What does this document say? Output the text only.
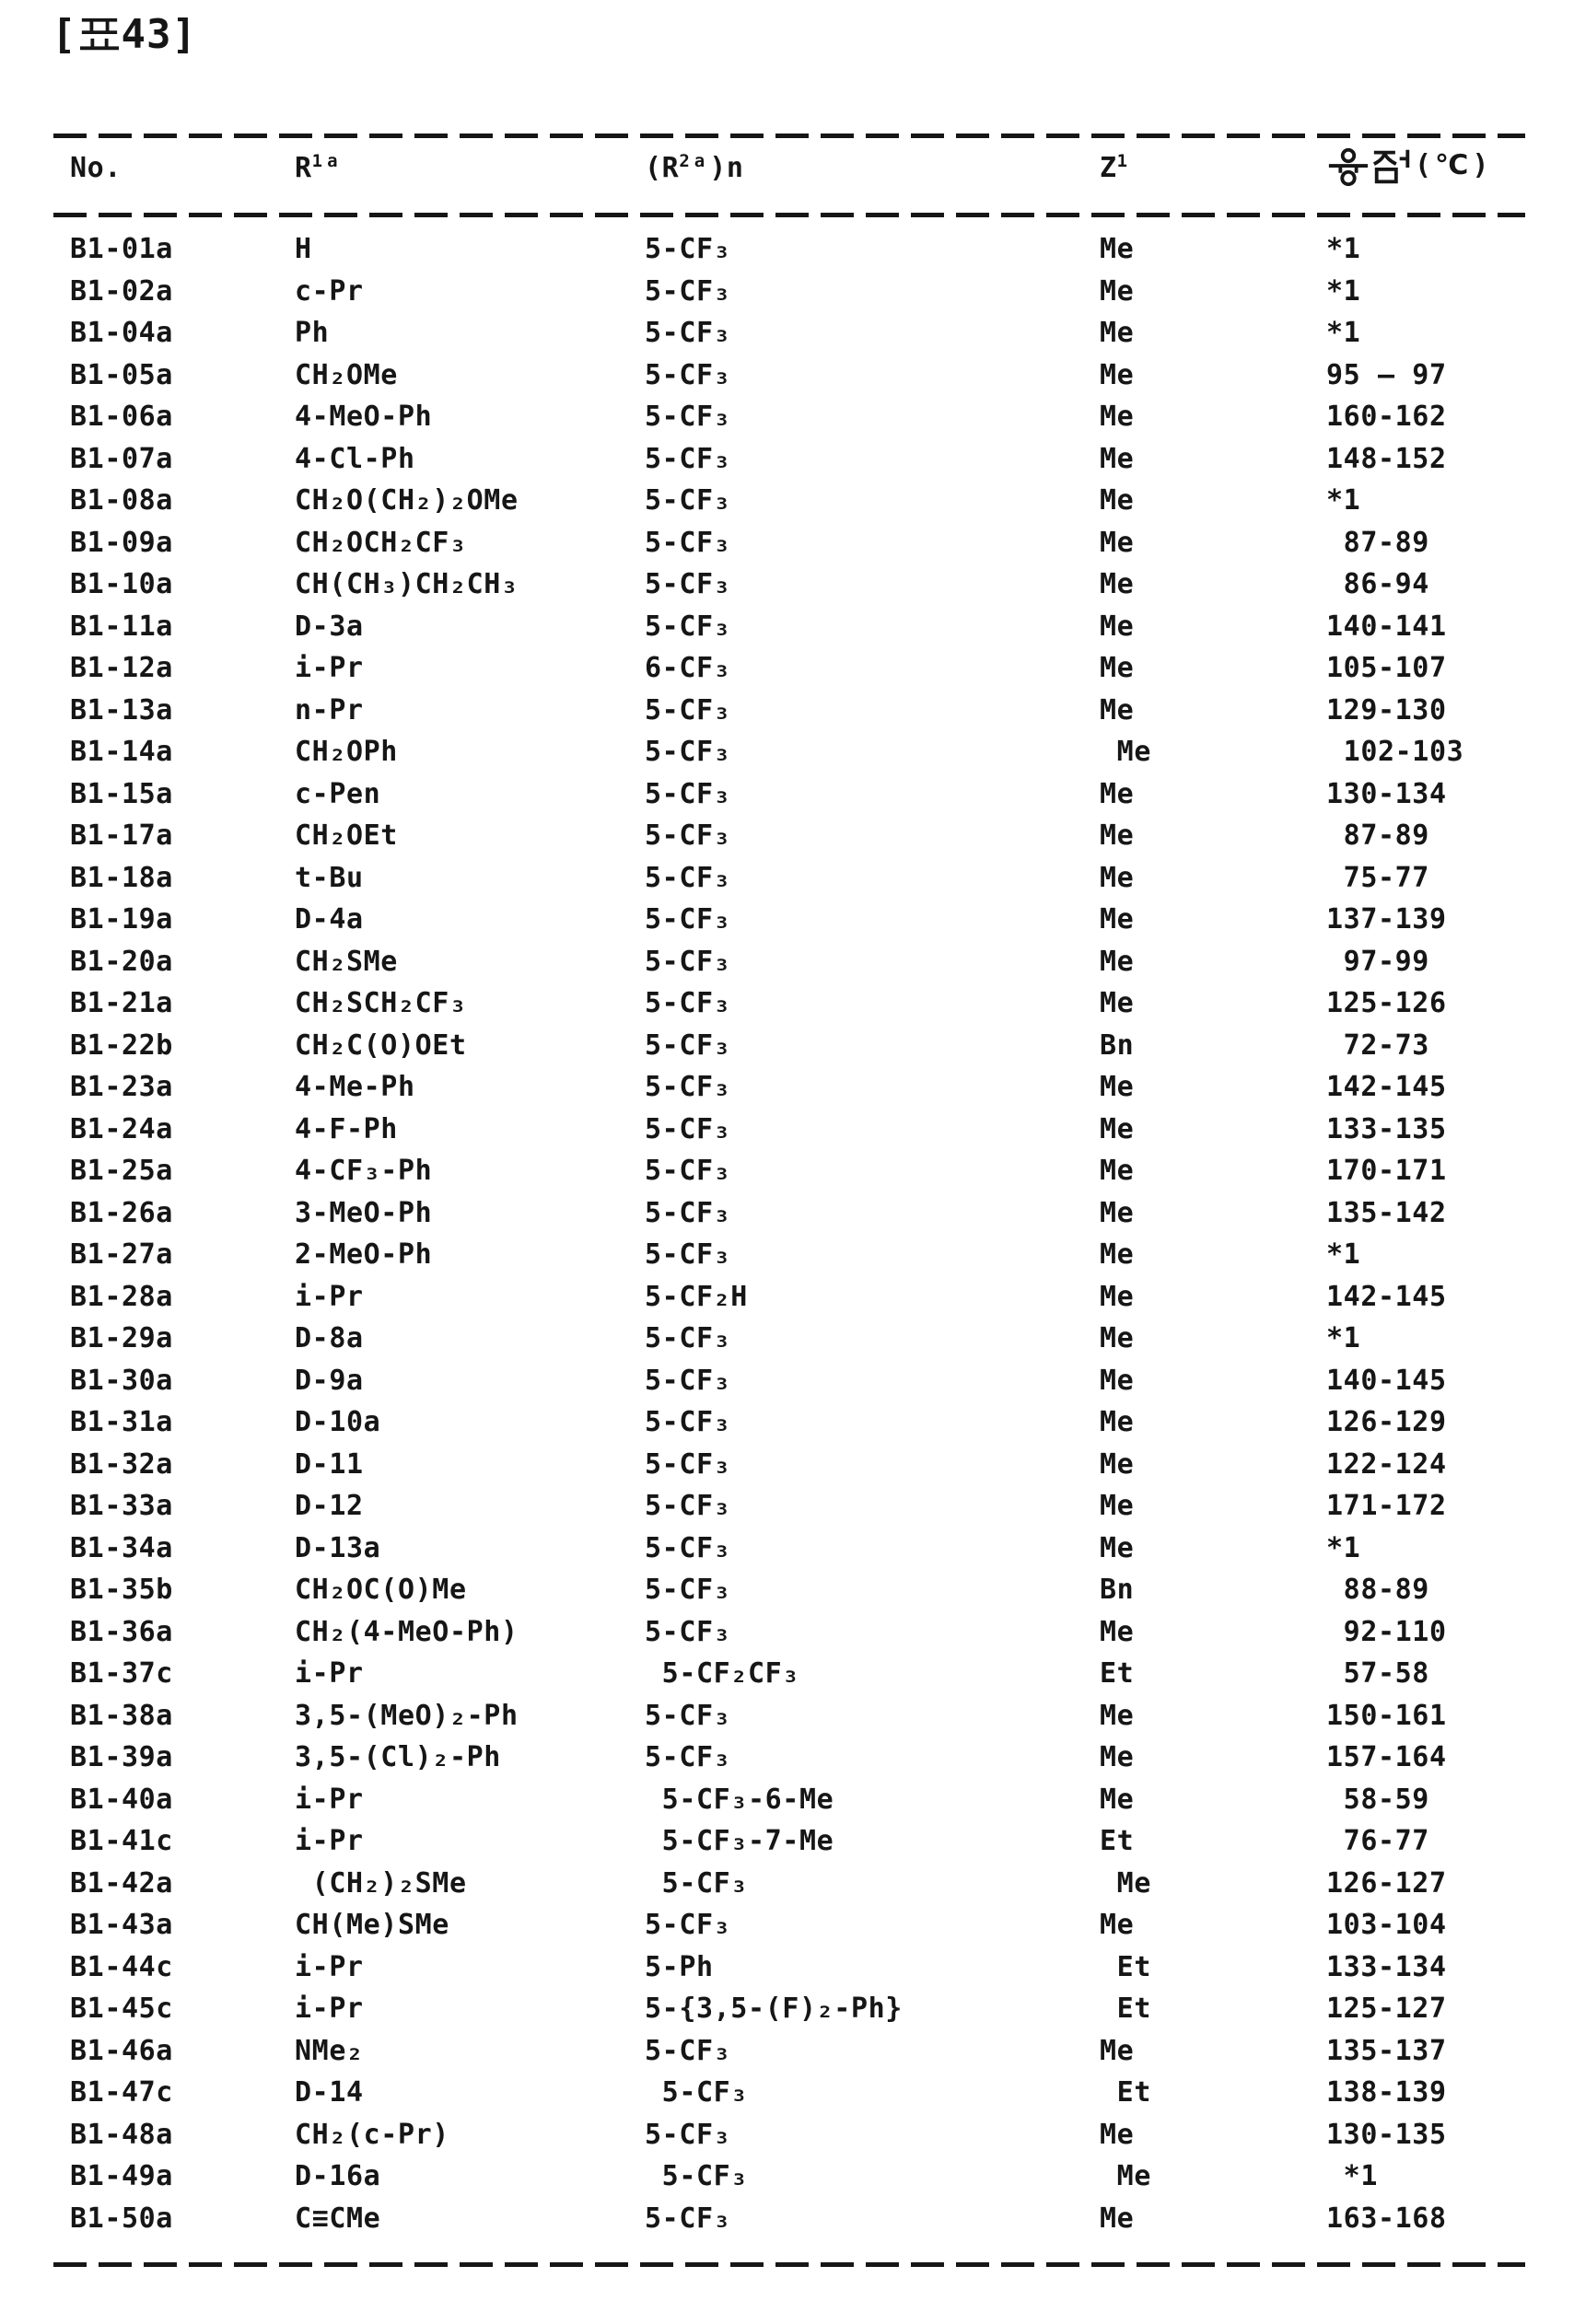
[ 43]
No.	$R^{1a}$	$(R^{2a})n$	$Z^1$	(℃)
B1-01a	H	5-CF₃	Me	*1
B1-02a	c-Pr	5-CF₃	Me	*1
B1-04a	Ph	5-CF₃	Me	*1
B1-05a	CH₂OMe	5-CF₃	Me	95 — 97
B1-06a	4-MeO-Ph	5-CF₃	Me	160-162
B1-07a	4-Cl-Ph	5-CF₃	Me	148-152
B1-08a	CH₂O(CH₂)₂OMe	5-CF₃	Me	*1
B1-09a	CH₂OCH₂CF₃	5-CF₃	Me	87-89
B1-10a	CH(CH₃)CH₂CH₃	5-CF₃	Me	86-94
B1-11a	D-3a	5-CF₃	Me	140-141
B1-12a	i-Pr	6-CF₃	Me	105-107
B1-13a	n-Pr	5-CF₃	Me	129-130
B1-14a	CH₂OPh	5-CF₃	Me	102-103
B1-15a	c-Pen	5-CF₃	Me	130-134
B1-17a	CH₂OEt	5-CF₃	Me	87-89
B1-18a	t-Bu	5-CF₃	Me	75-77
B1-19a	D-4a	5-CF₃	Me	137-139
B1-20a	CH₂SMe	5-CF₃	Me	97-99
B1-21a	CH₂SCH₂CF₃	5-CF₃	Me	125-126
B1-22b	CH₂C(O)OEt	5-CF₃	Bn	72-73
B1-23a	4-Me-Ph	5-CF₃	Me	142-145
B1-24a	4-F-Ph	5-CF₃	Me	133-135
B1-25a	4-CF₃-Ph	5-CF₃	Me	170-171
B1-26a	3-MeO-Ph	5-CF₃	Me	135-142
B1-27a	2-MeO-Ph	5-CF₃	Me	*1
B1-28a	i-Pr	5-CF₂H	Me	142-145
B1-29a	D-8a	5-CF₃	Me	*1
B1-30a	D-9a	5-CF₃	Me	140-145
B1-31a	D-10a	5-CF₃	Me	126-129
B1-32a	D-11	5-CF₃	Me	122-124
B1-33a	D-12	5-CF₃	Me	171-172
B1-34a	D-13a	5-CF₃	Me	*1
B1-35b	CH₂OC(O)Me	5-CF₃	Bn	88-89
B1-36a	CH₂(4-MeO-Ph)	5-CF₃	Me	92-110
B1-37c	i-Pr	5-CF₂CF₃	Et	57-58
B1-38a	3,5-(MeO)₂-Ph	5-CF₃	Me	150-161
B1-39a	3,5-(Cl)₂-Ph	5-CF₃	Me	157-164
B1-40a	i-Pr	5-CF₃-6-Me	Me	58-59
B1-41c	i-Pr	5-CF₃-7-Me	Et	76-77
B1-42a	(CH₂)₂SMe	5-CF₃	Me	126-127
B1-43a	CH(Me)SMe	5-CF₃	Me	103-104
B1-44c	i-Pr	5-Ph	Et	133-134
B1-45c	i-Pr	5-{3,5-(F)₂-Ph}	Et	125-127
B1-46a	NMe₂	5-CF₃	Me	135-137
B1-47c	D-14	5-CF₃	Et	138-139
B1-48a	CH₂(c-Pr)	5-CF₃	Me	130-135
B1-49a	D-16a	5-CF₃	Me	*1
B1-50a	C≡CMe	5-CF₃	Me	163-168
